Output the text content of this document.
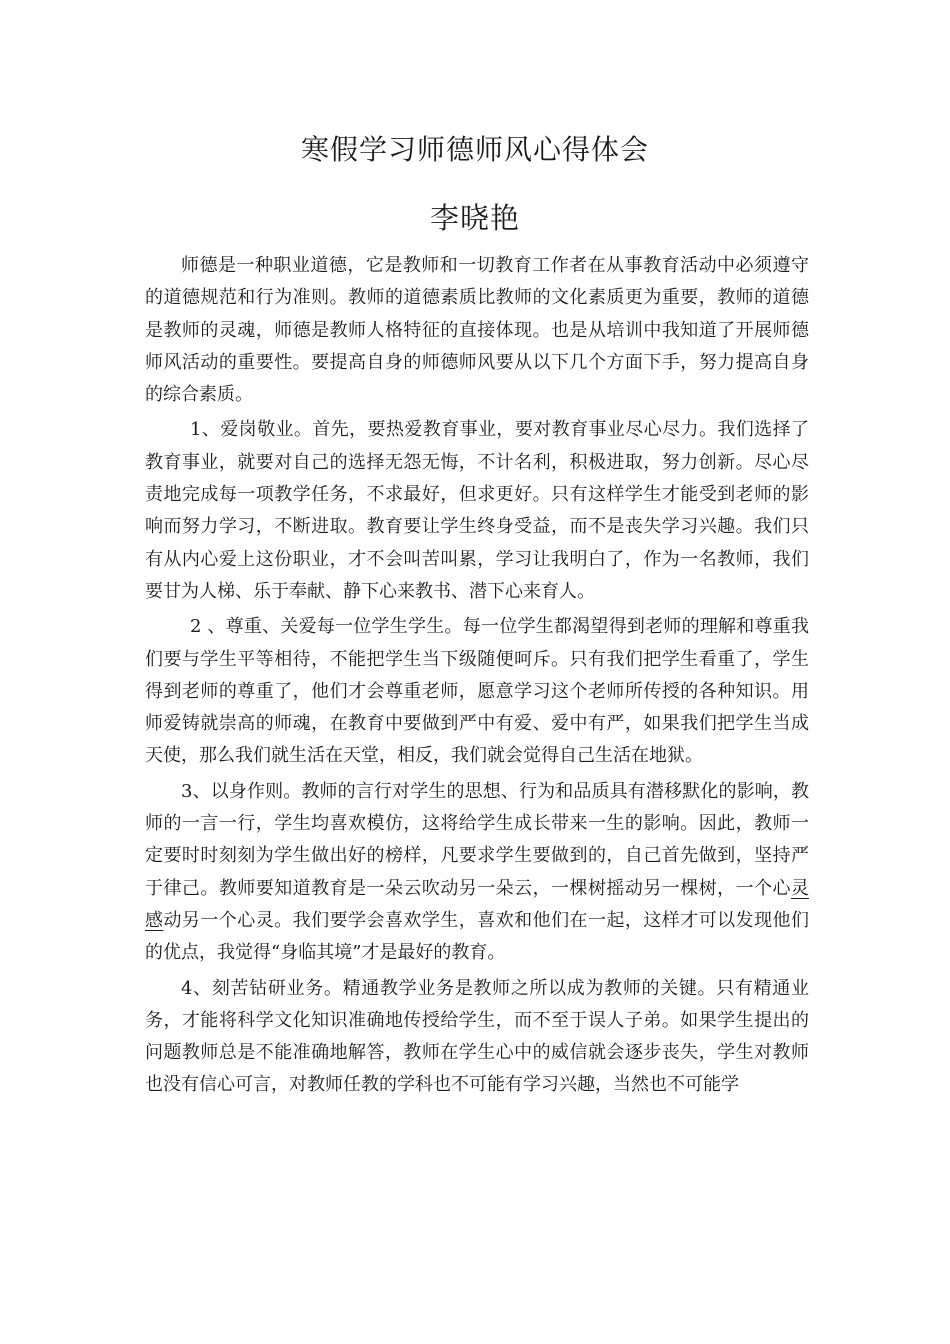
寒假学习师德师风心得体会
李晓艳

师德是一种职业道德，它是教师和一切教育工作者在从事教育活动中必须遵守的道德规范和行为准则。教师的道德素质比教师的文化素质更为重要，教师的道德是教师的灵魂，师德是教师人格特征的直接体现。也是从培训中我知道了开展师德师风活动的重要性。要提高自身的师德师风要从以下几个方面下手，努力提高自身的综合素质。

1、爱岗敬业。首先，要热爱教育事业，要对教育事业尽心尽力。我们选择了教育事业，就要对自己的选择无怨无悔，不计名利，积极进取，努力创新。尽心尽责地完成每一项教学任务，不求最好，但求更好。只有这样学生才能受到老师的影响而努力学习，不断进取。教育要让学生终身受益，而不是丧失学习兴趣。我们只有从内心爱上这份职业，才不会叫苦叫累，学习让我明白了，作为一名教师，我们要甘为人梯、乐于奉献、静下心来教书、潜下心来育人。

2 、尊重、关爱每一位学生学生。每一位学生都渴望得到老师的理解和尊重我们要与学生平等相待，不能把学生当下级随便呵斥。只有我们把学生看重了，学生得到老师的尊重了，他们才会尊重老师，愿意学习这个老师所传授的各种知识。用师爱铸就崇高的师魂，在教育中要做到严中有爱、爱中有严，如果我们把学生当成天使，那么我们就生活在天堂，相反，我们就会觉得自己生活在地狱。

3、以身作则。教师的言行对学生的思想、行为和品质具有潜移默化的影响，教师的一言一行，学生均喜欢模仿，这将给学生成长带来一生的影响。因此，教师一定要时时刻刻为学生做出好的榜样，凡要求学生要做到的，自己首先做到，坚持严于律己。教师要知道教育是一朵云吹动另一朵云，一棵树摇动另一棵树，一个心灵感动另一个心灵。我们要学会喜欢学生，喜欢和他们在一起，这样才可以发现他们的优点，我觉得“身临其境”才是最好的教育。

4、刻苦钻研业务。精通教学业务是教师之所以成为教师的关键。只有精通业务，才能将科学文化知识准确地传授给学生，而不至于误人子弟。如果学生提出的问题教师总是不能准确地解答，教师在学生心中的威信就会逐步丧失，学生对教师也没有信心可言，对教师任教的学科也不可能有学习兴趣，当然也不可能学
